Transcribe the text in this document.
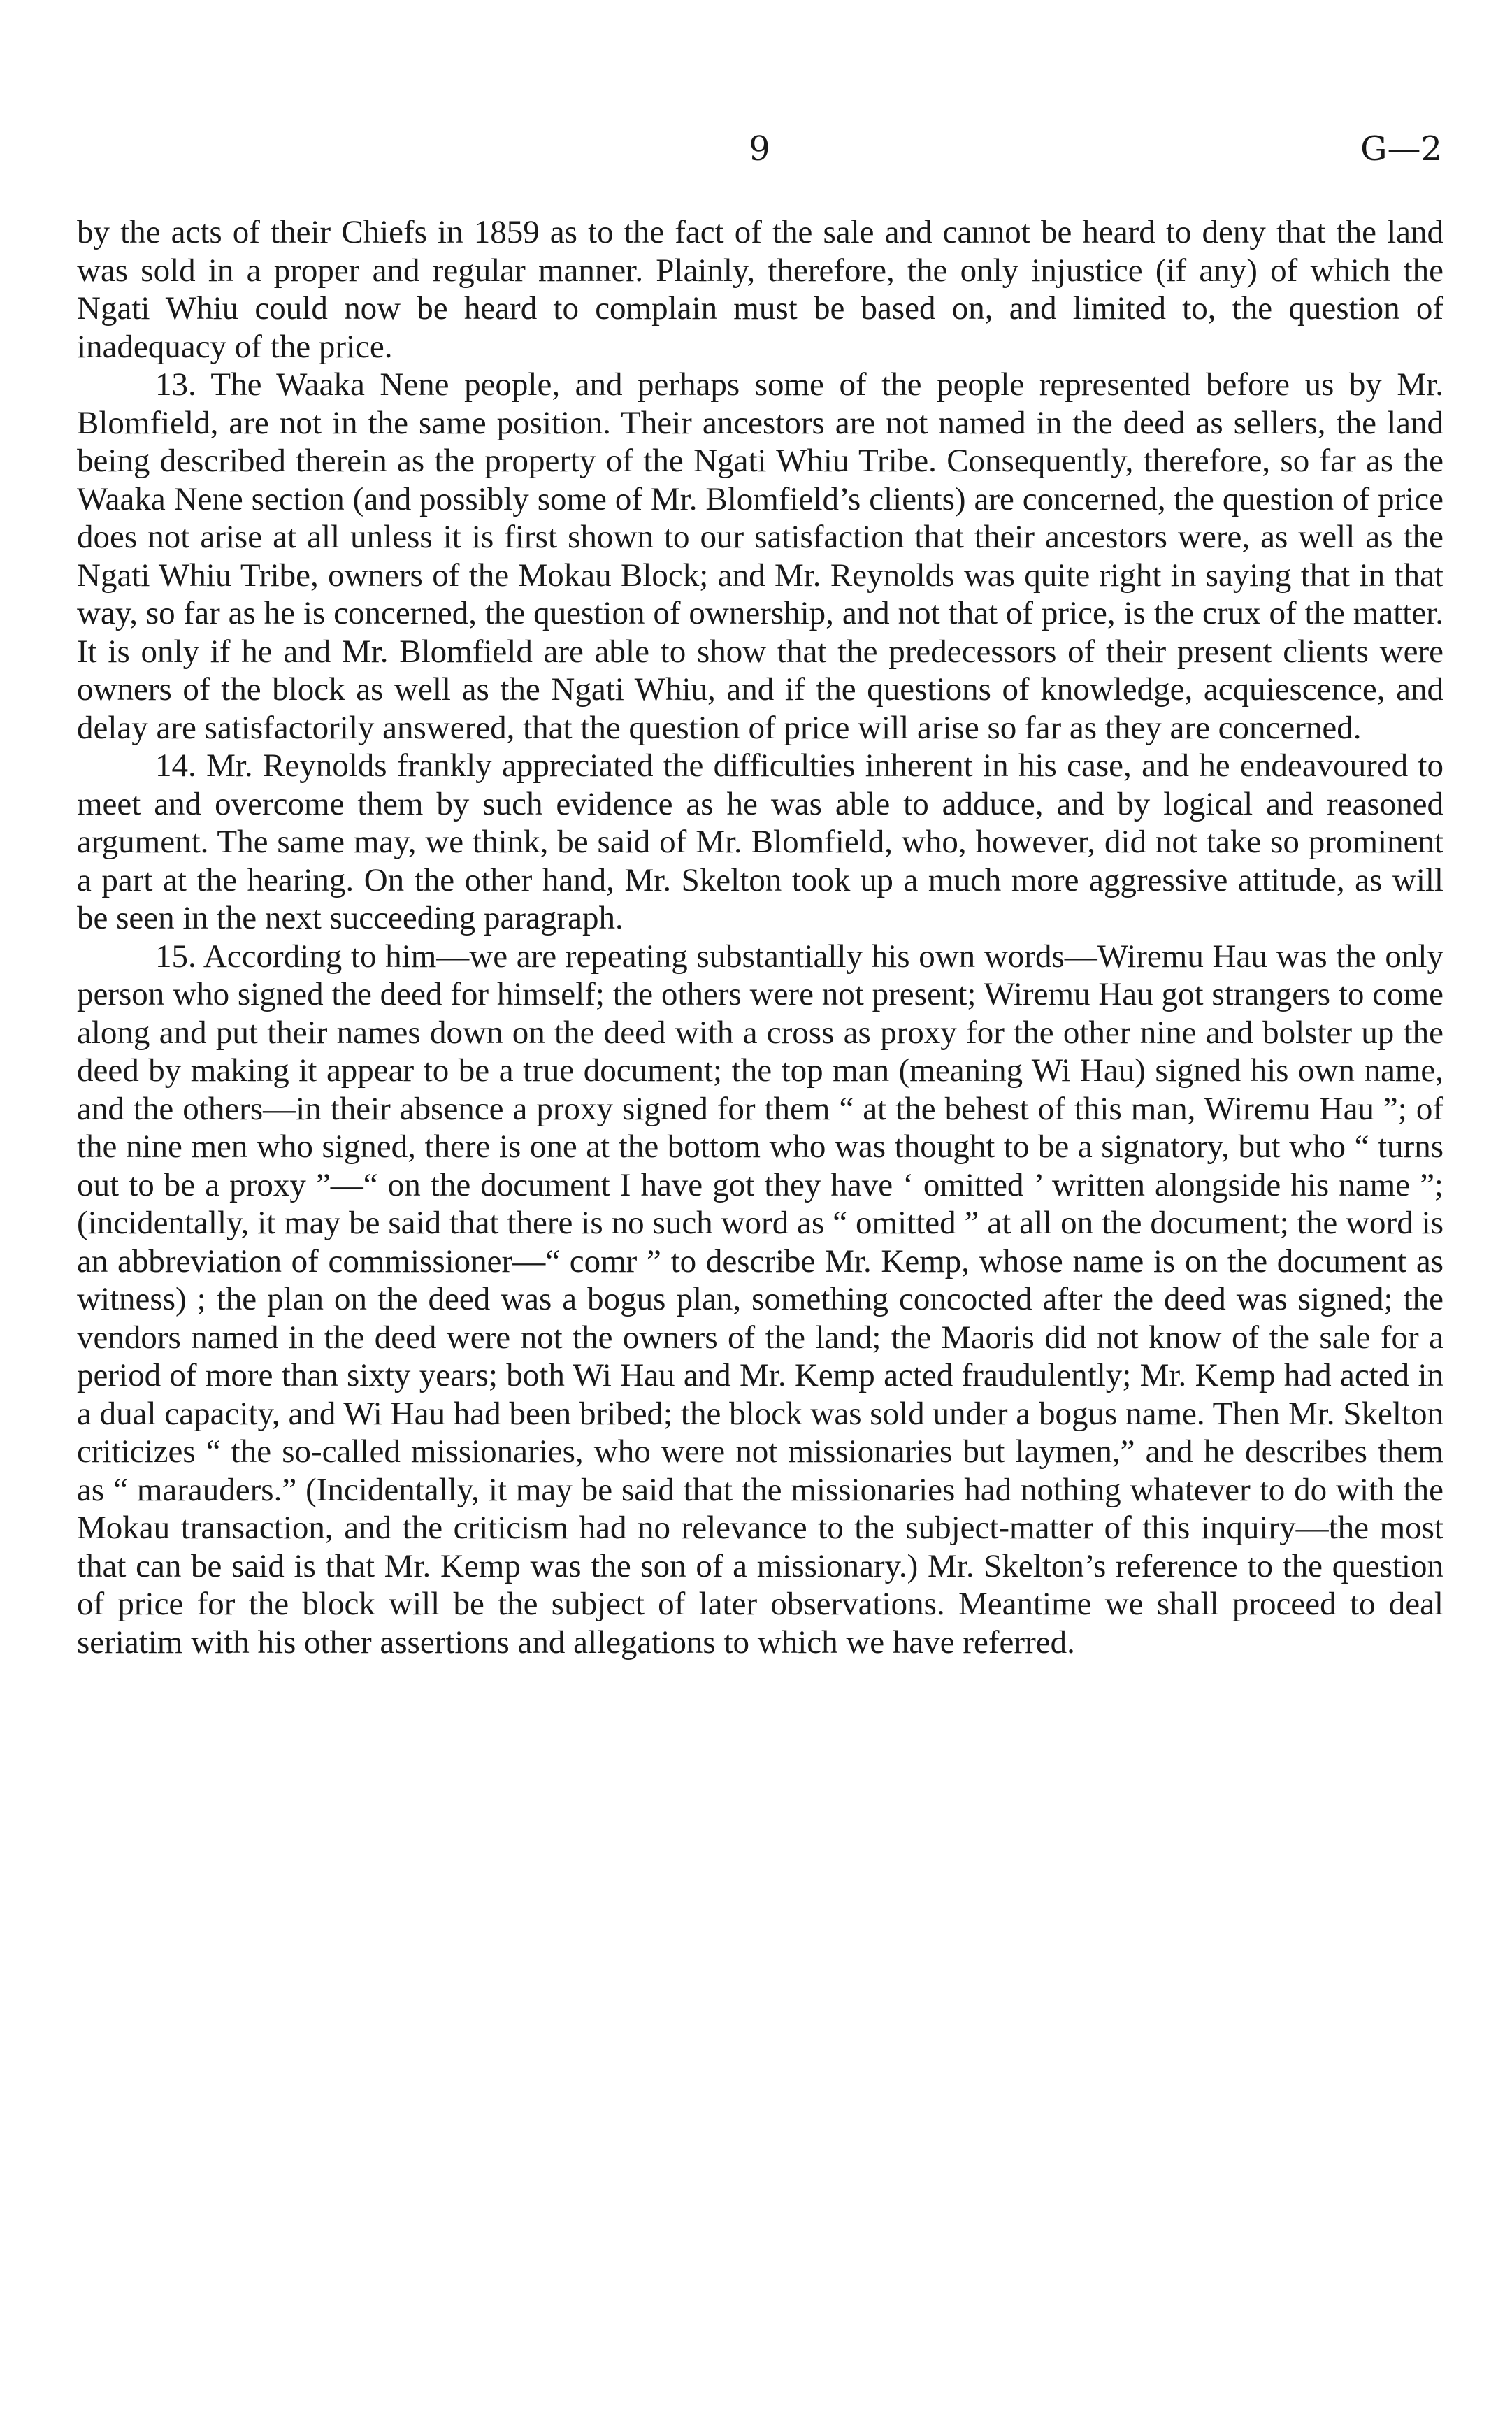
9	G—2

by the acts of their Chiefs in 1859 as to the fact of the sale and cannot be heard to deny that the land was sold in a proper and regular manner. Plainly, therefore, the only injustice (if any) of which the Ngati Whiu could now be heard to complain must be based on, and limited to, the question of inadequacy of the price.

13. The Waaka Nene people, and perhaps some of the people represented before us by Mr. Blomfield, are not in the same position. Their ancestors are not named in the deed as sellers, the land being described therein as the property of the Ngati Whiu Tribe. Consequently, therefore, so far as the Waaka Nene section (and possibly some of Mr. Blomfield’s clients) are concerned, the question of price does not arise at all unless it is first shown to our satisfaction that their ancestors were, as well as the Ngati Whiu Tribe, owners of the Mokau Block; and Mr. Reynolds was quite right in saying that in that way, so far as he is concerned, the question of ownership, and not that of price, is the crux of the matter. It is only if he and Mr. Blomfield are able to show that the predecessors of their present clients were owners of the block as well as the Ngati Whiu, and if the questions of knowledge, acquiescence, and delay are satisfactorily answered, that the question of price will arise so far as they are concerned.

14. Mr. Reynolds frankly appreciated the difficulties inherent in his case, and he endeavoured to meet and overcome them by such evidence as he was able to adduce, and by logical and reasoned argument. The same may, we think, be said of Mr. Blomfield, who, however, did not take so prominent a part at the hearing. On the other hand, Mr. Skelton took up a much more aggressive attitude, as will be seen in the next succeeding paragraph.

15. According to him—we are repeating substantially his own words—Wiremu Hau was the only person who signed the deed for himself; the others were not present; Wiremu Hau got strangers to come along and put their names down on the deed with a cross as proxy for the other nine and bolster up the deed by making it appear to be a true document; the top man (meaning Wi Hau) signed his own name, and the others—in their absence a proxy signed for them “ at the behest of this man, Wiremu Hau ”; of the nine men who signed, there is one at the bottom who was thought to be a signatory, but who “ turns out to be a proxy ”—“ on the document I have got they have ‘ omitted ’ written alongside his name ”; (incidentally, it may be said that there is no such word as “ omitted ” at all on the document; the word is an abbreviation of commissioner—“ comr ” to describe Mr. Kemp, whose name is on the document as witness) ; the plan on the deed was a bogus plan, something concocted after the deed was signed; the vendors named in the deed were not the owners of the land; the Maoris did not know of the sale for a period of more than sixty years; both Wi Hau and Mr. Kemp acted fraudulently; Mr. Kemp had acted in a dual capacity, and Wi Hau had been bribed; the block was sold under a bogus name. Then Mr. Skelton criticizes “ the so-called missionaries, who were not missionaries but laymen,” and he describes them as “ marauders.” (Incidentally, it may be said that the missionaries had nothing whatever to do with the Mokau transaction, and the criticism had no relevance to the subject-matter of this inquiry—the most that can be said is that Mr. Kemp was the son of a missionary.) Mr. Skelton’s reference to the question of price for the block will be the subject of later observations. Meantime we shall proceed to deal seriatim with his other assertions and allegations to which we have referred.
